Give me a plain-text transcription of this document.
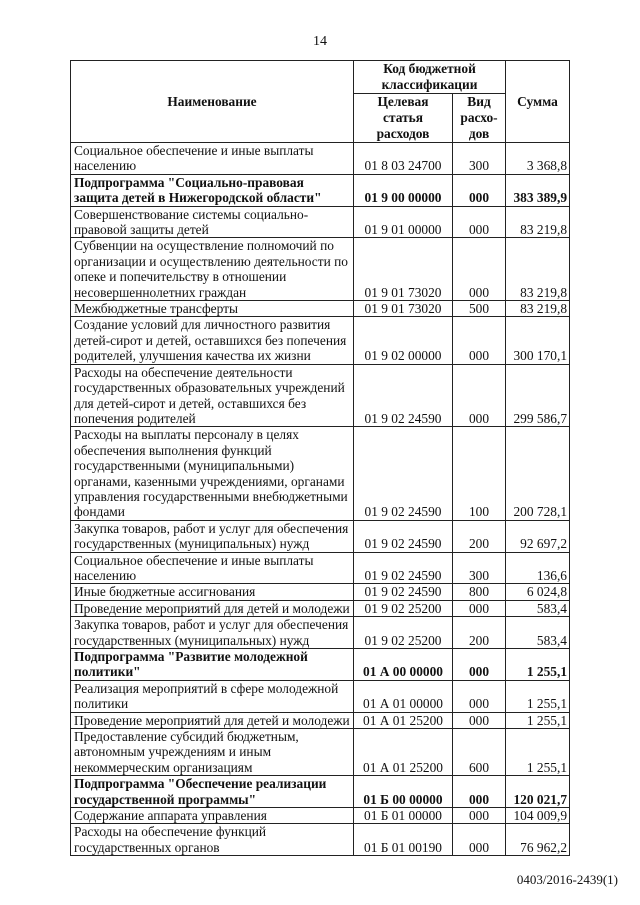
14
Наименование	Код бюджетной классификации		Сумма
	Целевая статья расходов	Вид расхо-дов	
Социальное обеспечение и иные выплаты населению	01 8 03 24700	300	3 368,8
Подпрограмма "Социально-правовая защита детей в Нижегородской области"	01 9 00 00000	000	383 389,9
Совершенствование системы социально-правовой защиты детей	01 9 01 00000	000	83 219,8
Субвенции на осуществление полномочий по организации и осуществлению деятельности по опеке и попечительству в отношении несовершеннолетних граждан	01 9 01 73020	000	83 219,8
Межбюджетные трансферты	01 9 01 73020	500	83 219,8
Создание условий для личностного развития детей-сирот и детей, оставшихся без попечения родителей, улучшения качества их жизни	01 9 02 00000	000	300 170,1
Расходы на обеспечение деятельности государственных образовательных учреждений для детей-сирот и детей, оставшихся без попечения родителей	01 9 02 24590	000	299 586,7
Расходы на выплаты персоналу в целях обеспечения выполнения функций государственными (муниципальными) органами, казенными учреждениями, органами управления государственными внебюджетными фондами	01 9 02 24590	100	200 728,1
Закупка товаров, работ и услуг для обеспечения государственных (муниципальных) нужд	01 9 02 24590	200	92 697,2
Социальное обеспечение и иные выплаты населению	01 9 02 24590	300	136,6
Иные бюджетные ассигнования	01 9 02 24590	800	6 024,8
Проведение мероприятий для детей и молодежи	01 9 02 25200	000	583,4
Закупка товаров, работ и услуг для обеспечения государственных (муниципальных) нужд	01 9 02 25200	200	583,4
Подпрограмма "Развитие молодежной политики"	01 А 00 00000	000	1 255,1
Реализация мероприятий в сфере молодежной политики	01 А 01 00000	000	1 255,1
Проведение мероприятий для детей и молодежи	01 А 01 25200	000	1 255,1
Предоставление субсидий бюджетным, автономным учреждениям и иным некоммерческим организациям	01 А 01 25200	600	1 255,1
Подпрограмма "Обеспечение реализации государственной программы"	01 Б 00 00000	000	120 021,7
Содержание аппарата управления	01 Б 01 00000	000	104 009,9
Расходы на обеспечение функций государственных органов	01 Б 01 00190	000	76 962,2
0403/2016-2439(1)
